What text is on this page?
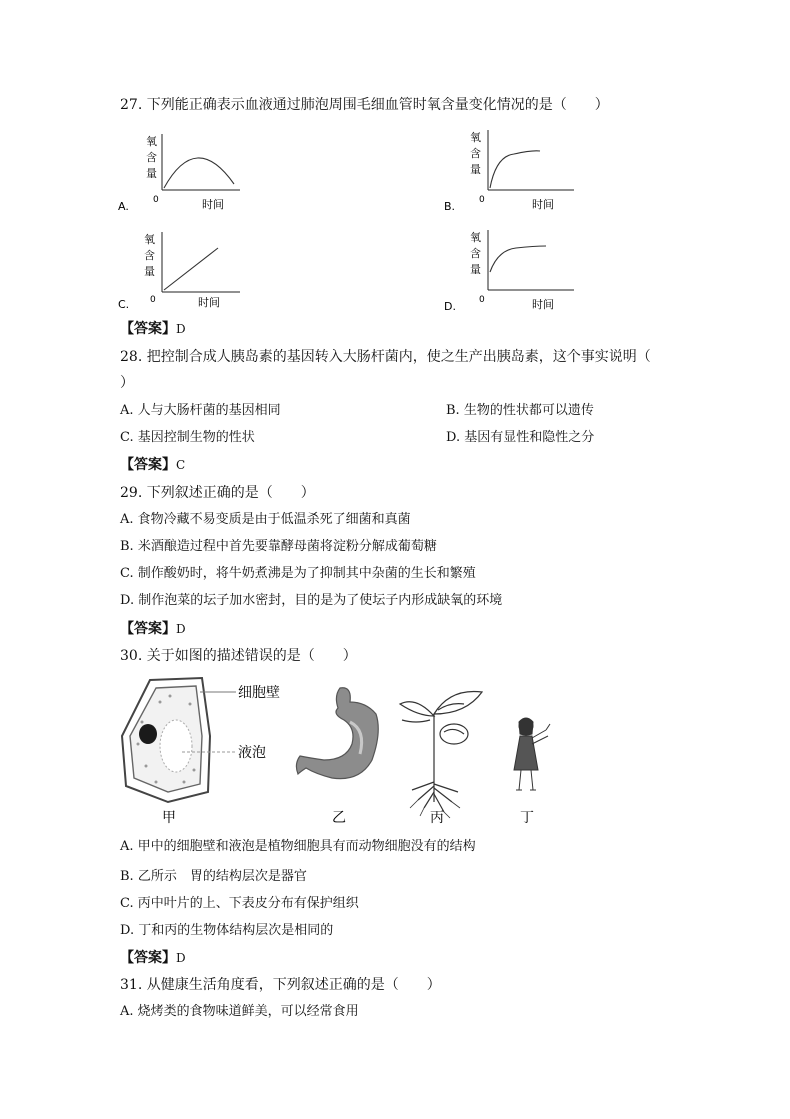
27. 下列能正确表示血液通过肺泡周围毛细血管时氧含量变化情况的是（　　）
氧
含
量
0	时间
A.
氧
含
量
0	时间
B.
氧
含
量
0	时间
C.
氧
含
量
0	时间
D.
【答案】D
28. 把控制合成人胰岛素的基因转入大肠杆菌内，使之生产出胰岛素，这个事实说明（
）
A. 人与大肠杆菌的基因相同	B. 生物的性状都可以遗传
C. 基因控制生物的性状	D. 基因有显性和隐性之分
【答案】C
29. 下列叙述正确的是（　　）
A. 食物冷藏不易变质是由于低温杀死了细菌和真菌
B. 米酒酿造过程中首先要靠酵母菌将淀粉分解成葡萄糖
C. 制作酸奶时，将牛奶煮沸是为了抑制其中杂菌的生长和繁殖
D. 制作泡菜的坛子加水密封，目的是为了使坛子内形成缺氧的环境
【答案】D
30. 关于如图的描述错误的是（　　）
细胞壁
液泡
甲	乙	丙	丁
A. 甲中的细胞壁和液泡是植物细胞具有而动物细胞没有的结构
B. 乙所示　胃的结构层次是器官
C. 丙中叶片的上、下表皮分布有保护组织
D. 丁和丙的生物体结构层次是相同的
【答案】D
31. 从健康生活角度看，下列叙述正确的是（　　）
A. 烧烤类的食物味道鲜美，可以经常食用
